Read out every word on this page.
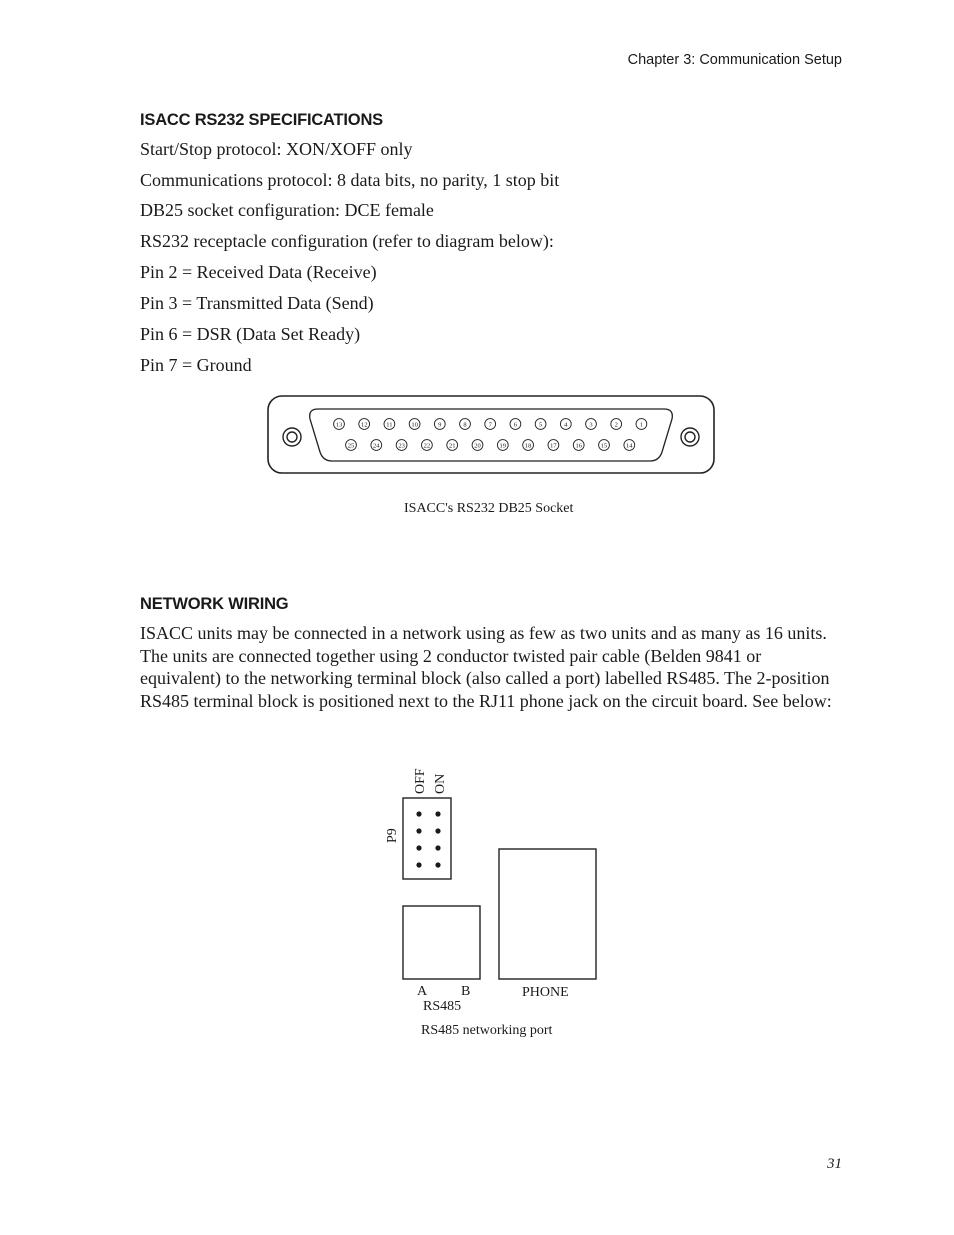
Chapter 3: Communication Setup
ISACC RS232 SPECIFICATIONS
Start/Stop protocol: XON/XOFF only
Communications protocol: 8 data bits, no parity, 1 stop bit
DB25 socket configuration: DCE female
RS232 receptacle configuration (refer to diagram below):
Pin 2 = Received Data (Receive)
Pin 3 = Transmitted Data (Send)
Pin 6 = DSR (Data Set Ready)
Pin 7 = Ground
13	12	11	10	9	8	7	6	5	4	3	2	1
25	24	23	22	21	20	19	18	17	16	15	14
ISACC's RS232 DB25 Socket
NETWORK WIRING
ISACC units may be connected in a network using as few as two units and as many as 16 units. The units are connected together using 2 conductor twisted pair cable (Belden 9841 or equivalent) to the networking terminal block (also called a port) labelled RS485. The 2-position RS485 terminal block is positioned next to the RJ11 phone jack on the circuit board. See below:
OFF ON
P9
A B
RS485
PHONE
RS485 networking port
31
